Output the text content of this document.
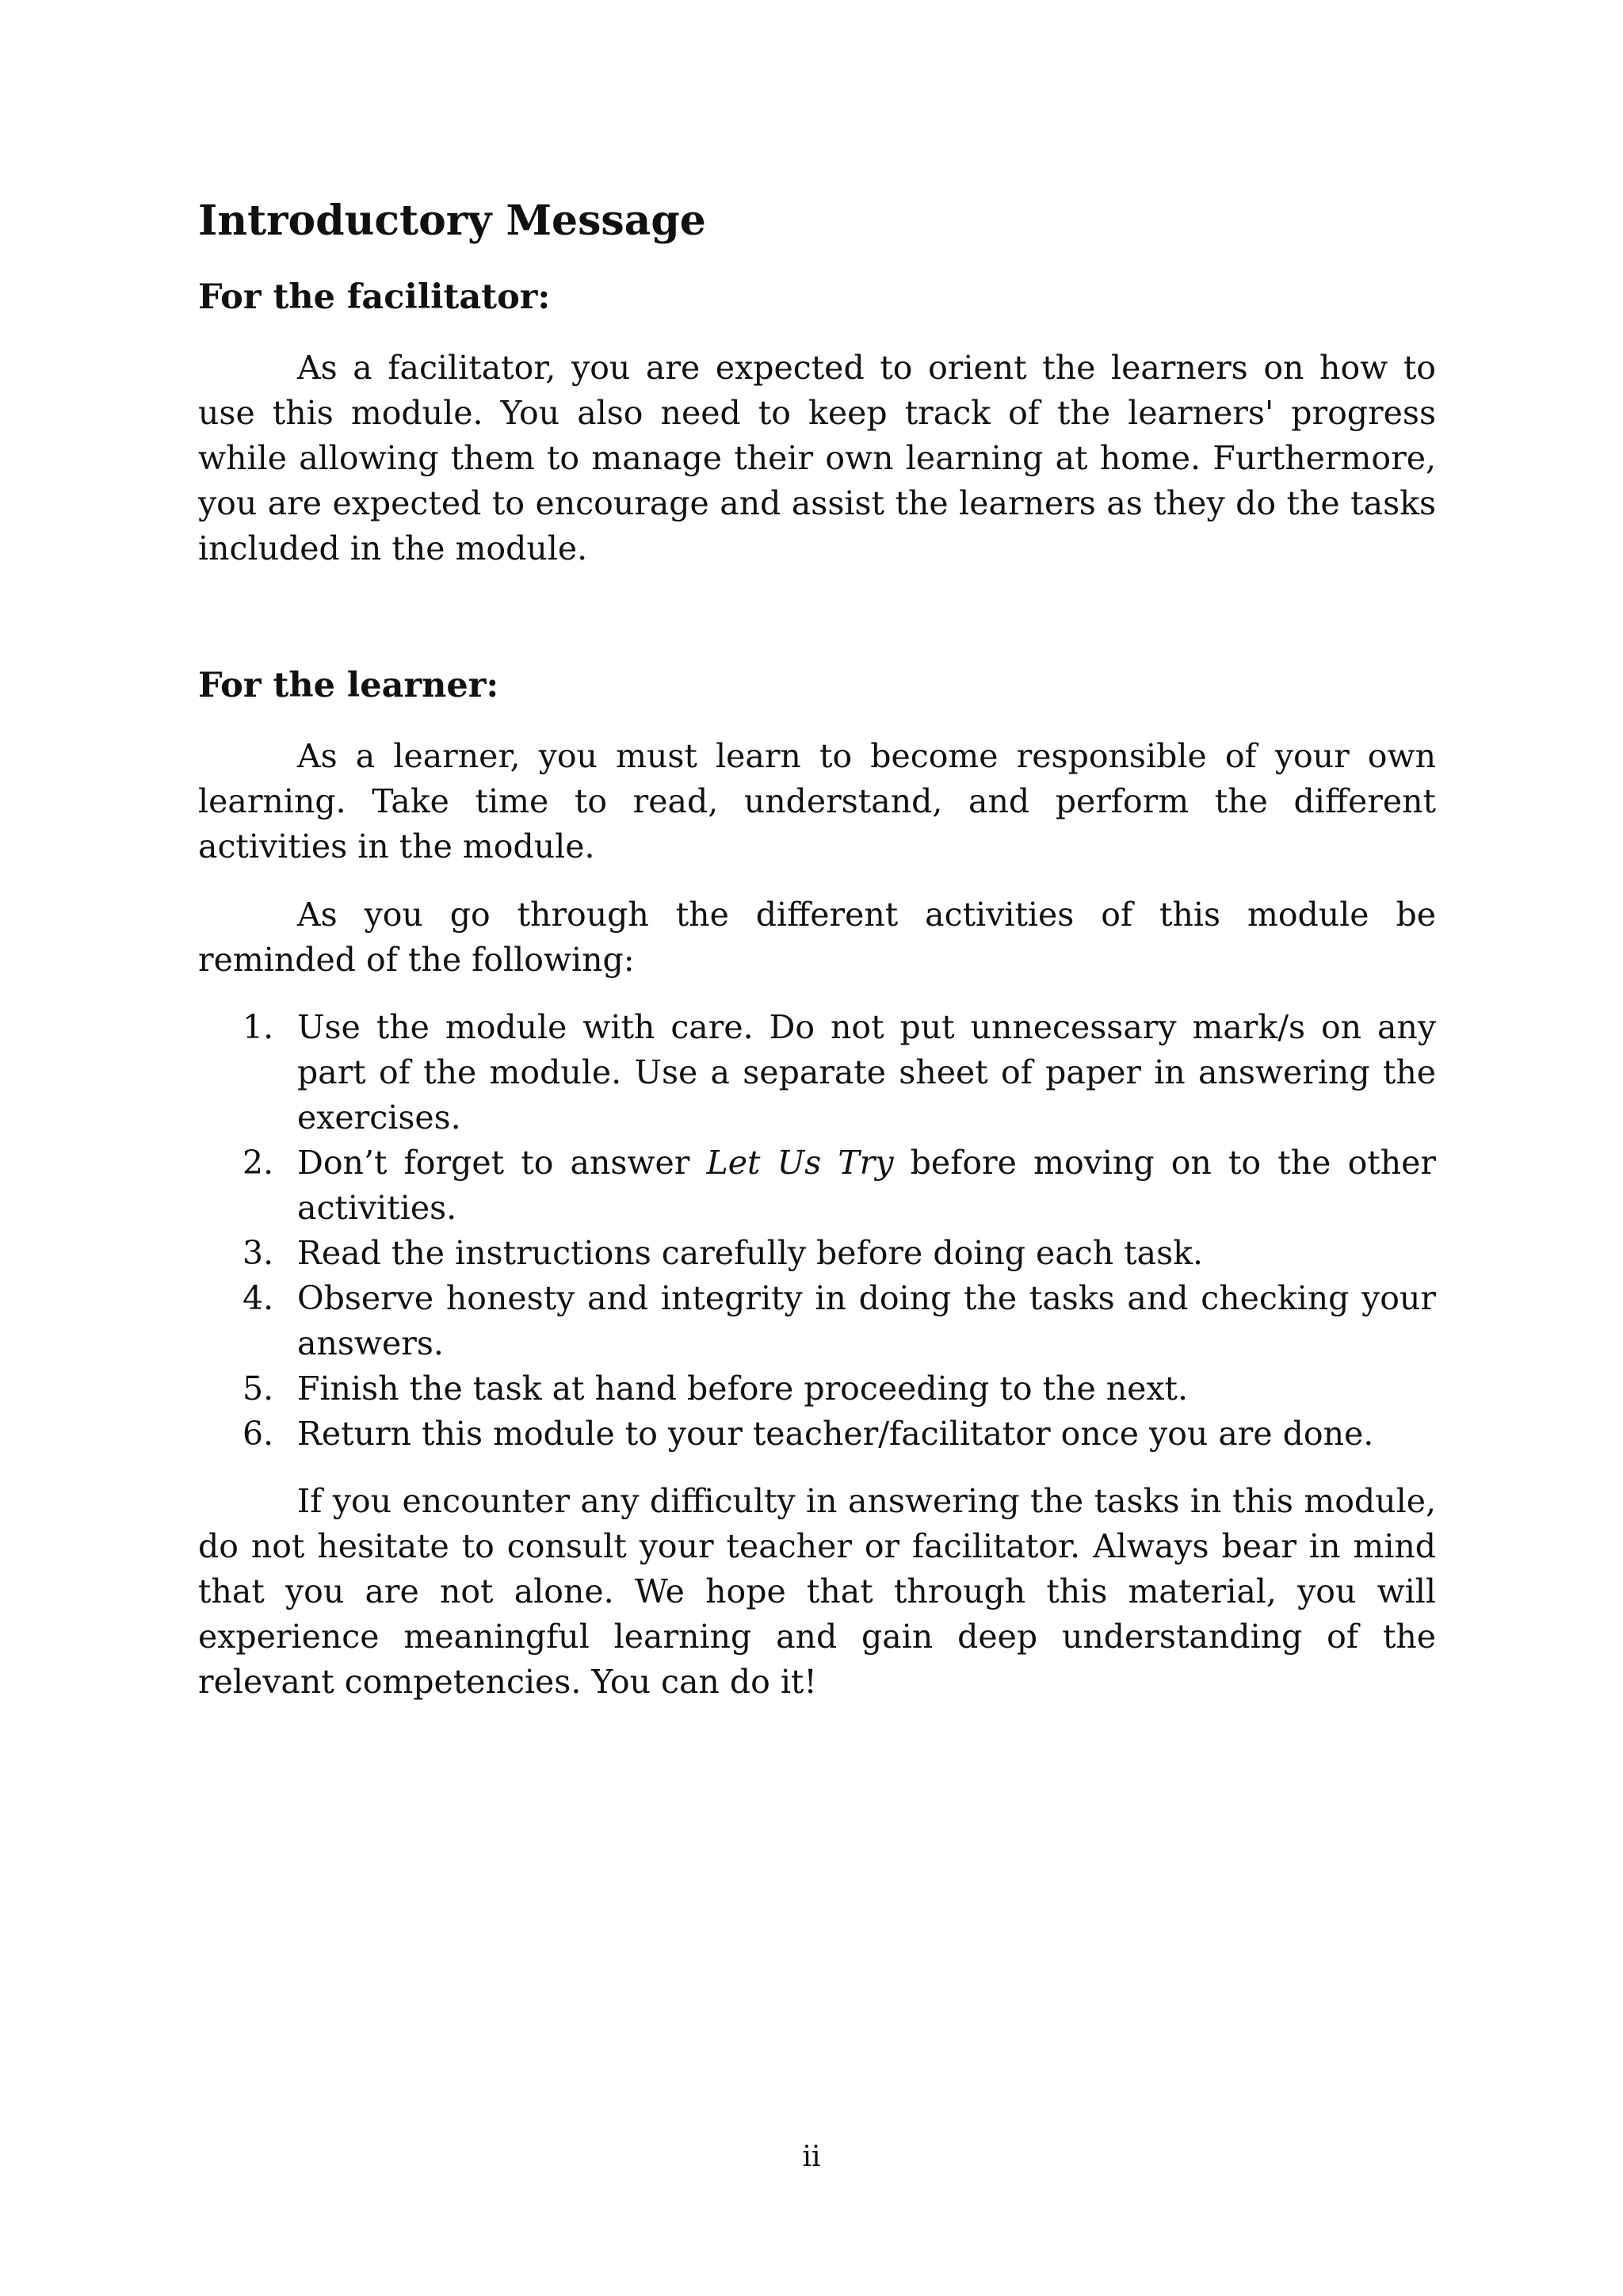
Introductory Message
For the facilitator:

As a facilitator, you are expected to orient the learners on how to use this module. You also need to keep track of the learners' progress while allowing them to manage their own learning at home. Furthermore, you are expected to encourage and assist the learners as they do the tasks included in the module.

For the learner:

As a learner, you must learn to become responsible of your own learning. Take time to read, understand, and perform the different activities in the module.

As you go through the different activities of this module be reminded of the following:

1. Use the module with care. Do not put unnecessary mark/s on any part of the module. Use a separate sheet of paper in answering the exercises.
2. Don’t forget to answer Let Us Try before moving on to the other activities.
3. Read the instructions carefully before doing each task.
4. Observe honesty and integrity in doing the tasks and checking your answers.
5. Finish the task at hand before proceeding to the next.
6. Return this module to your teacher/facilitator once you are done.

If you encounter any difficulty in answering the tasks in this module, do not hesitate to consult your teacher or facilitator. Always bear in mind that you are not alone. We hope that through this material, you will experience meaningful learning and gain deep understanding of the relevant competencies. You can do it!

ii
